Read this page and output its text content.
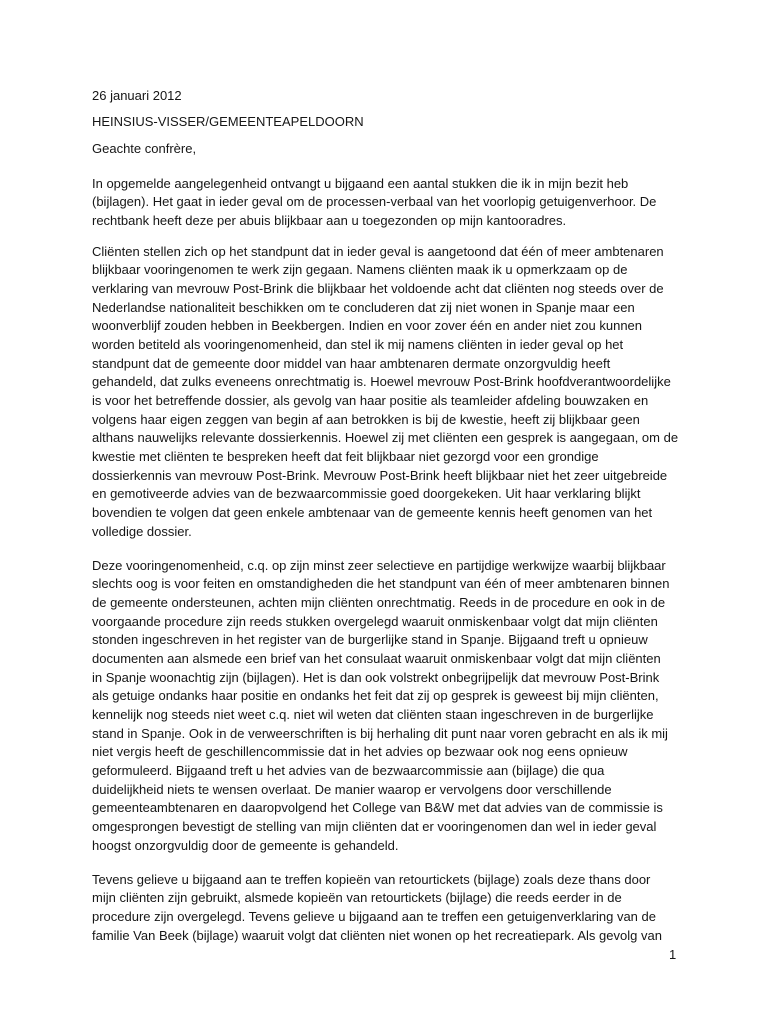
26 januari 2012
HEINSIUS-VISSER/GEMEENTEAPELDOORN
Geachte confrère,
In opgemelde aangelegenheid ontvangt u bijgaand een aantal stukken die ik in mijn bezit heb
(bijlagen). Het gaat in ieder geval om de processen-verbaal van het voorlopig getuigenverhoor. De
rechtbank heeft deze per abuis blijkbaar aan u toegezonden op mijn kantooradres.
Cliënten stellen zich op het standpunt dat in ieder geval is aangetoond dat één of meer ambtenaren
blijkbaar vooringenomen te werk zijn gegaan. Namens cliënten maak ik u opmerkzaam op de
verklaring van mevrouw Post-Brink die blijkbaar het voldoende acht dat cliënten nog steeds over de
Nederlandse nationaliteit beschikken om te concluderen dat zij niet wonen in Spanje maar een
woonverblijf zouden hebben in Beekbergen. Indien en voor zover één en ander niet zou kunnen
worden betiteld als vooringenomenheid, dan stel ik mij namens cliënten in ieder geval op het
standpunt dat de gemeente door middel van haar ambtenaren dermate onzorgvuldig heeft
gehandeld, dat zulks eveneens onrechtmatig is. Hoewel mevrouw Post-Brink hoofdverantwoordelijke
is voor het betreffende dossier, als gevolg van haar positie als teamleider afdeling bouwzaken en
volgens haar eigen zeggen van begin af aan betrokken is bij de kwestie, heeft zij blijkbaar geen
althans nauwelijks relevante dossierkennis. Hoewel zij met cliënten een gesprek is aangegaan, om de
kwestie met cliënten te bespreken heeft dat feit blijkbaar niet gezorgd voor een grondige
dossierkennis van mevrouw Post-Brink. Mevrouw Post-Brink heeft blijkbaar niet het zeer uitgebreide
en gemotiveerde advies van de bezwaarcommissie goed doorgekeken. Uit haar verklaring blijkt
bovendien te volgen dat geen enkele ambtenaar van de gemeente kennis heeft genomen van het
volledige dossier.
Deze vooringenomenheid, c.q. op zijn minst zeer selectieve en partijdige werkwijze waarbij blijkbaar
slechts oog is voor feiten en omstandigheden die het standpunt van één of meer ambtenaren binnen
de gemeente ondersteunen, achten mijn cliënten onrechtmatig. Reeds in de procedure en ook in de
voorgaande procedure zijn reeds stukken overgelegd waaruit onmiskenbaar volgt dat mijn cliënten
stonden ingeschreven in het register van de burgerlijke stand in Spanje. Bijgaand treft u opnieuw
documenten aan alsmede een brief van het consulaat waaruit onmiskenbaar volgt dat mijn cliënten
in Spanje woonachtig zijn (bijlagen). Het is dan ook volstrekt onbegrijpelijk dat mevrouw Post-Brink
als getuige ondanks haar positie en ondanks het feit dat zij op gesprek is geweest bij mijn cliënten,
kennelijk nog steeds niet weet c.q. niet wil weten dat cliënten staan ingeschreven in de burgerlijke
stand in Spanje. Ook in de verweerschriften is bij herhaling dit punt naar voren gebracht en als ik mij
niet vergis heeft de geschillencommissie dat in het advies op bezwaar ook nog eens opnieuw
geformuleerd. Bijgaand treft u het advies van de bezwaarcommissie aan (bijlage) die qua
duidelijkheid niets te wensen overlaat. De manier waarop er vervolgens door verschillende
gemeenteambtenaren en daaropvolgend het College van B&W met dat advies van de commissie is
omgesprongen bevestigt de stelling van mijn cliënten dat er vooringenomen dan wel in ieder geval
hoogst onzorgvuldig door de gemeente is gehandeld.
Tevens gelieve u bijgaand aan te treffen kopieën van retourtickets (bijlage) zoals deze thans door
mijn cliënten zijn gebruikt, alsmede kopieën van retourtickets (bijlage) die reeds eerder in de
procedure zijn overgelegd. Tevens gelieve u bijgaand aan te treffen een getuigenverklaring van de
familie Van Beek (bijlage) waaruit volgt dat cliënten niet wonen op het recreatiepark. Als gevolg van
1
